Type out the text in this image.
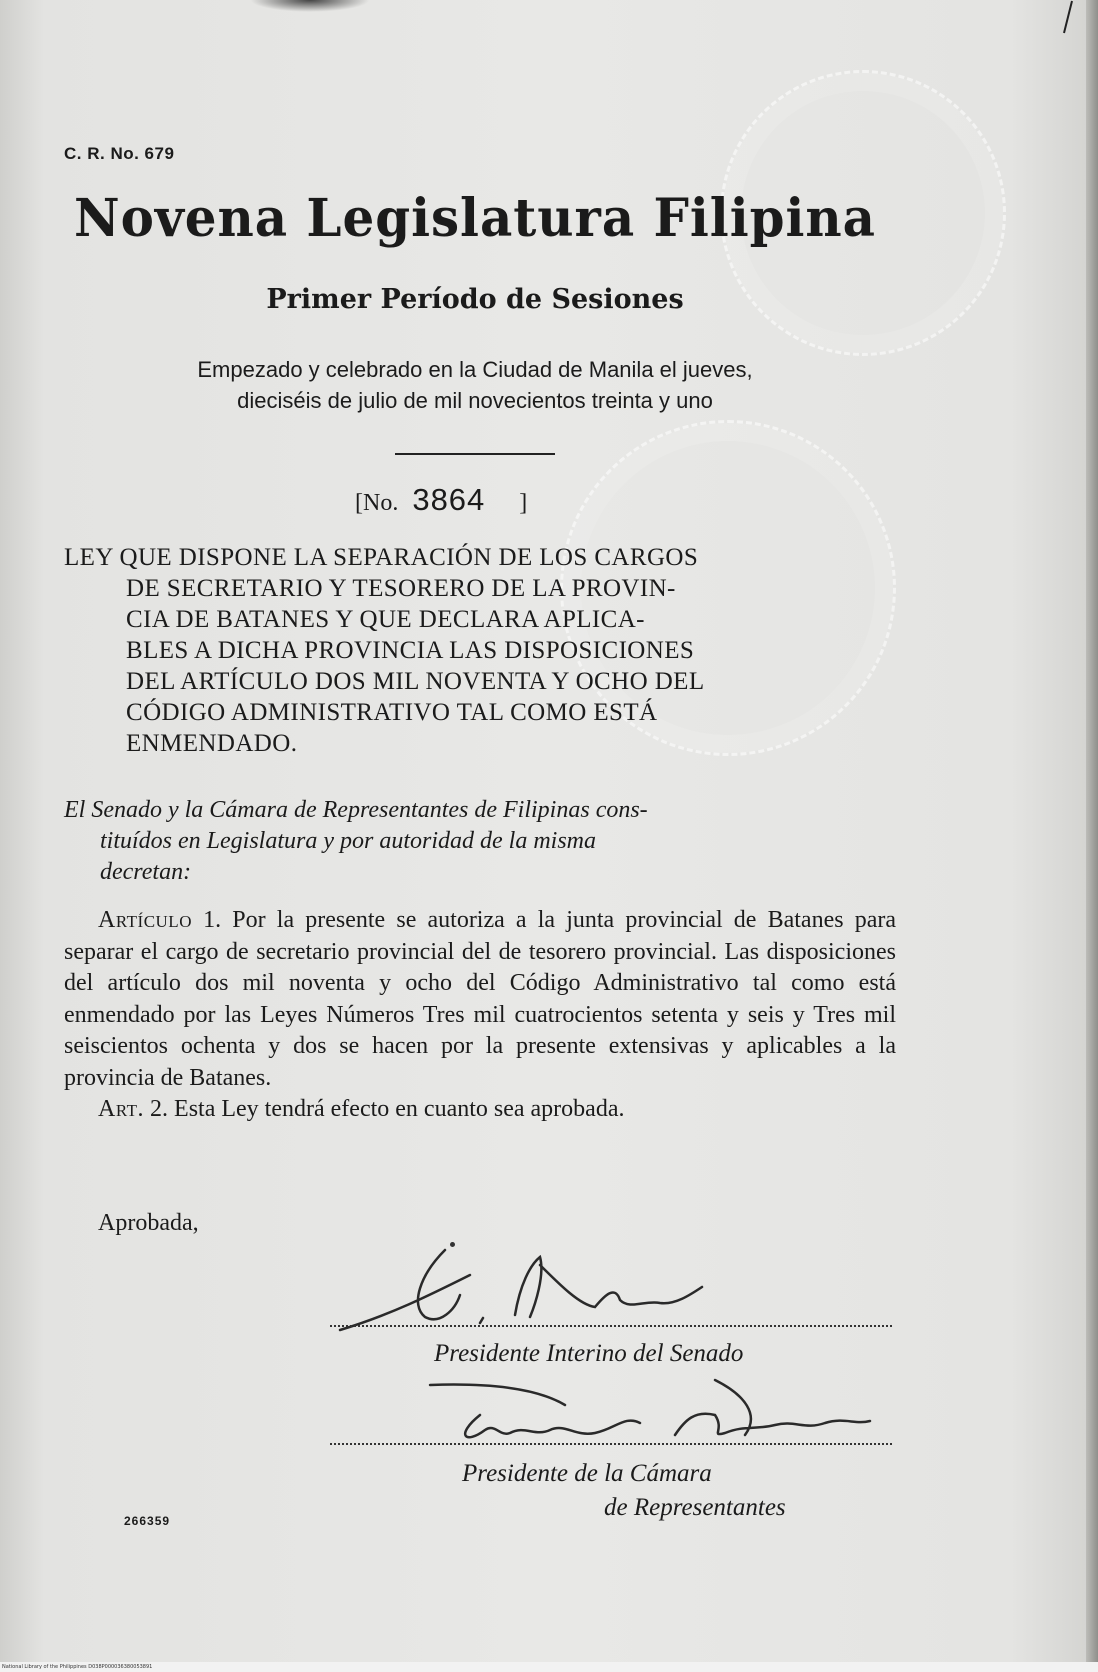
C. R. No. 679
Novena Legislatura Filipina
Primer Período de Sesiones
Empezado y celebrado en la Ciudad de Manila el jueves,
dieciséis de julio de mil novecientos treinta y uno
[No. 3864 ]
LEY QUE DISPONE LA SEPARACIÓN DE LOS CARGOS
DE SECRETARIO Y TESORERO DE LA PROVIN-
CIA DE BATANES Y QUE DECLARA APLICA-
BLES A DICHA PROVINCIA LAS DISPOSICIONES
DEL ARTÍCULO DOS MIL NOVENTA Y OCHO DEL
CÓDIGO ADMINISTRATIVO TAL COMO ESTÁ
ENMENDADO.
El Senado y la Cámara de Representantes de Filipinas cons-
tituídos en Legislatura y por autoridad de la misma
decretan:

Artículo 1. Por la presente se autoriza a la junta provincial de Batanes para separar el cargo de secretario provincial del de tesorero provincial. Las disposiciones del artículo dos mil noventa y ocho del Código Administrativo tal como está enmendado por las Leyes Números Tres mil cuatrocientos setenta y seis y Tres mil seiscientos ochenta y dos se hacen por la presente extensivas y aplicables a la provincia de Batanes.

Art. 2. Esta Ley tendrá efecto en cuanto sea aprobada.

Aprobada,
Presidente Interino del Senado
Presidente de la Cámara
de Representantes
266359
National Library of the Philippines D038P000036380053891
